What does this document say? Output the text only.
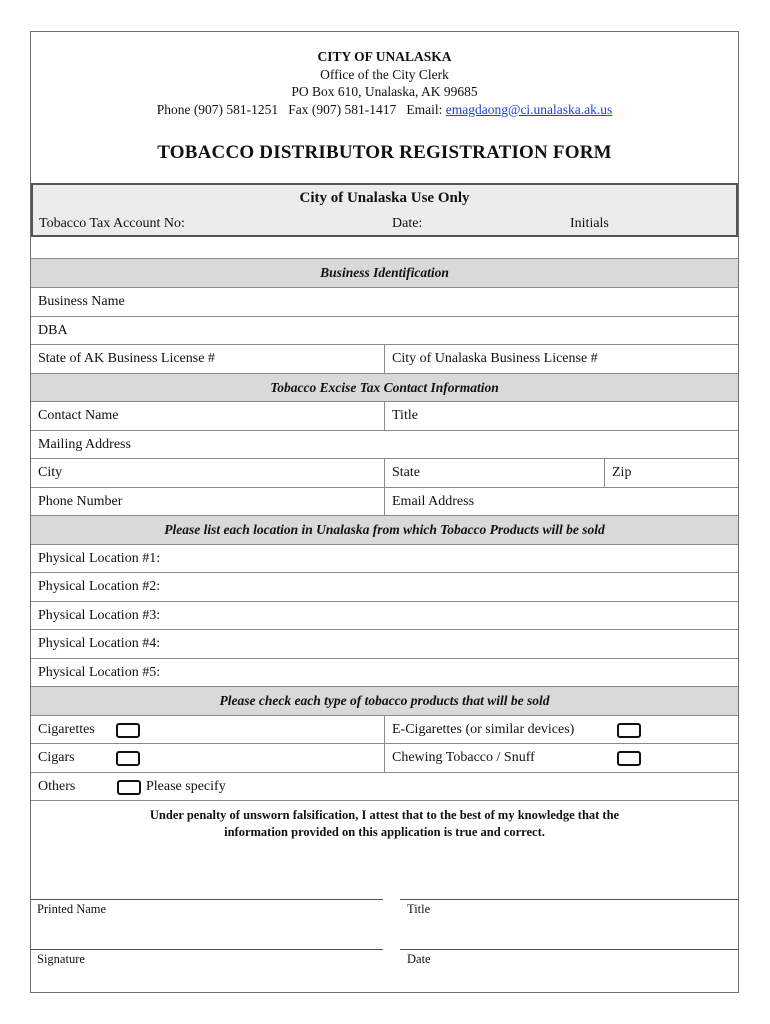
CITY OF UNALASKA
Office of the City Clerk
PO Box 610, Unalaska, AK 99685
Phone (907) 581-1251   Fax (907) 581-1417   Email: emagdaong@ci.unalaska.ak.us
TOBACCO DISTRIBUTOR REGISTRATION FORM
City of Unalaska Use Only
Tobacco Tax Account No:	Date:	Initials
Business Identification
Business Name
DBA
State of AK Business License #	City of Unalaska Business License #
Tobacco Excise Tax Contact Information
Contact Name	Title
Mailing Address
City	State	Zip
Phone Number	Email Address
Please list each location in Unalaska from which Tobacco Products will be sold
Physical Location #1:
Physical Location #2:
Physical Location #3:
Physical Location #4:
Physical Location #5:
Please check each type of tobacco products that will be sold
Cigarettes	E-Cigarettes (or similar devices)
Cigars	Chewing Tobacco / Snuff
Others	Please specify
Under penalty of unsworn falsification, I attest that to the best of my knowledge that the
information provided on this application is true and correct.
Printed Name	Title
Signature	Date
